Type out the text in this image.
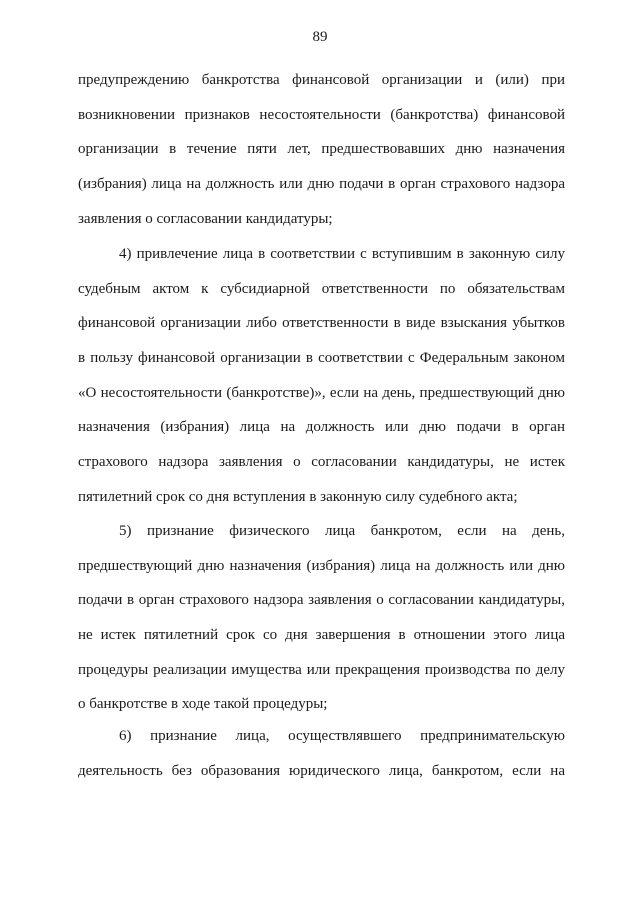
89
предупреждению банкротства финансовой организации и (или) при
возникновении признаков несостоятельности (банкротства) финансовой
организации в течение пяти лет, предшествовавших дню назначения
(избрания) лица на должность или дню подачи в орган страхового надзора
заявления о согласовании кандидатуры;
4) привлечение лица в соответствии с вступившим в законную силу
судебным актом к субсидиарной ответственности по обязательствам
финансовой организации либо ответственности в виде взыскания убытков
в пользу финансовой организации в соответствии с Федеральным законом
«О несостоятельности (банкротстве)», если на день, предшествующий дню
назначения (избрания) лица на должность или дню подачи в орган
страхового надзора заявления о согласовании кандидатуры, не истек
пятилетний срок со дня вступления в законную силу судебного акта;
5) признание физического лица банкротом, если на день,
предшествующий дню назначения (избрания) лица на должность или дню
подачи в орган страхового надзора заявления о согласовании кандидатуры,
не истек пятилетний срок со дня завершения в отношении этого лица
процедуры реализации имущества или прекращения производства по делу
о банкротстве в ходе такой процедуры;
6) признание лица, осуществлявшего предпринимательскую
деятельность без образования юридического лица, банкротом, если на
